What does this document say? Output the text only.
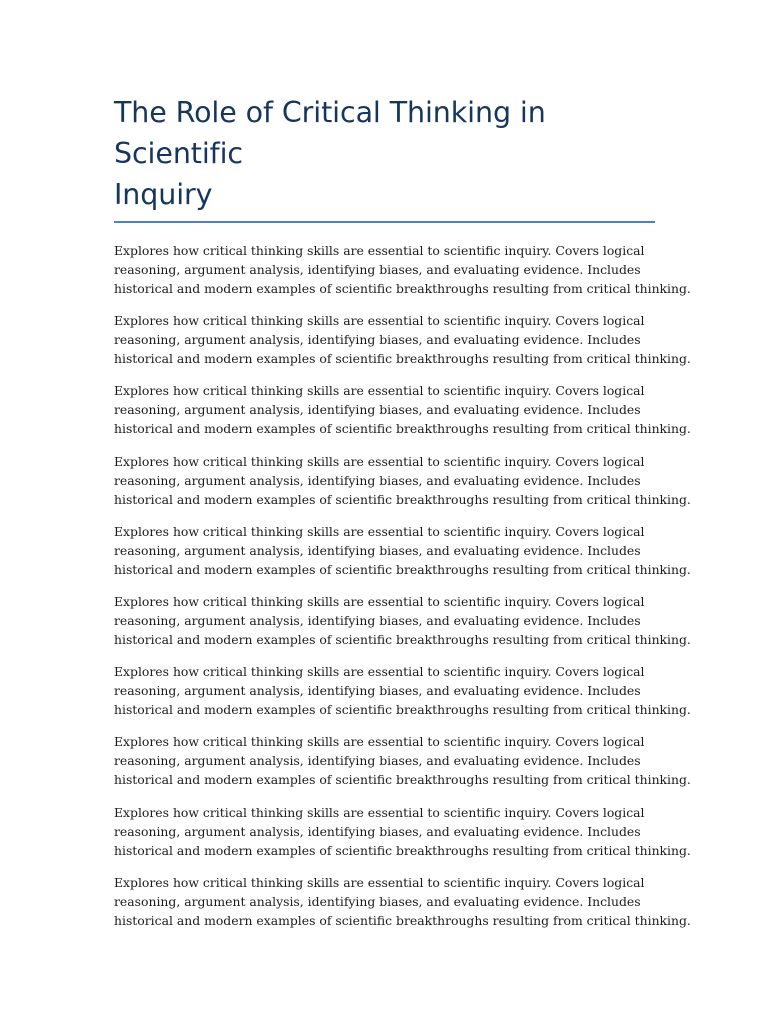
The Role of Critical Thinking in Scientific
Inquiry

Explores how critical thinking skills are essential to scientific inquiry. Covers logical
reasoning, argument analysis, identifying biases, and evaluating evidence. Includes
historical and modern examples of scientific breakthroughs resulting from critical thinking.

Explores how critical thinking skills are essential to scientific inquiry. Covers logical
reasoning, argument analysis, identifying biases, and evaluating evidence. Includes
historical and modern examples of scientific breakthroughs resulting from critical thinking.

Explores how critical thinking skills are essential to scientific inquiry. Covers logical
reasoning, argument analysis, identifying biases, and evaluating evidence. Includes
historical and modern examples of scientific breakthroughs resulting from critical thinking.

Explores how critical thinking skills are essential to scientific inquiry. Covers logical
reasoning, argument analysis, identifying biases, and evaluating evidence. Includes
historical and modern examples of scientific breakthroughs resulting from critical thinking.

Explores how critical thinking skills are essential to scientific inquiry. Covers logical
reasoning, argument analysis, identifying biases, and evaluating evidence. Includes
historical and modern examples of scientific breakthroughs resulting from critical thinking.

Explores how critical thinking skills are essential to scientific inquiry. Covers logical
reasoning, argument analysis, identifying biases, and evaluating evidence. Includes
historical and modern examples of scientific breakthroughs resulting from critical thinking.

Explores how critical thinking skills are essential to scientific inquiry. Covers logical
reasoning, argument analysis, identifying biases, and evaluating evidence. Includes
historical and modern examples of scientific breakthroughs resulting from critical thinking.

Explores how critical thinking skills are essential to scientific inquiry. Covers logical
reasoning, argument analysis, identifying biases, and evaluating evidence. Includes
historical and modern examples of scientific breakthroughs resulting from critical thinking.

Explores how critical thinking skills are essential to scientific inquiry. Covers logical
reasoning, argument analysis, identifying biases, and evaluating evidence. Includes
historical and modern examples of scientific breakthroughs resulting from critical thinking.

Explores how critical thinking skills are essential to scientific inquiry. Covers logical
reasoning, argument analysis, identifying biases, and evaluating evidence. Includes
historical and modern examples of scientific breakthroughs resulting from critical thinking.
